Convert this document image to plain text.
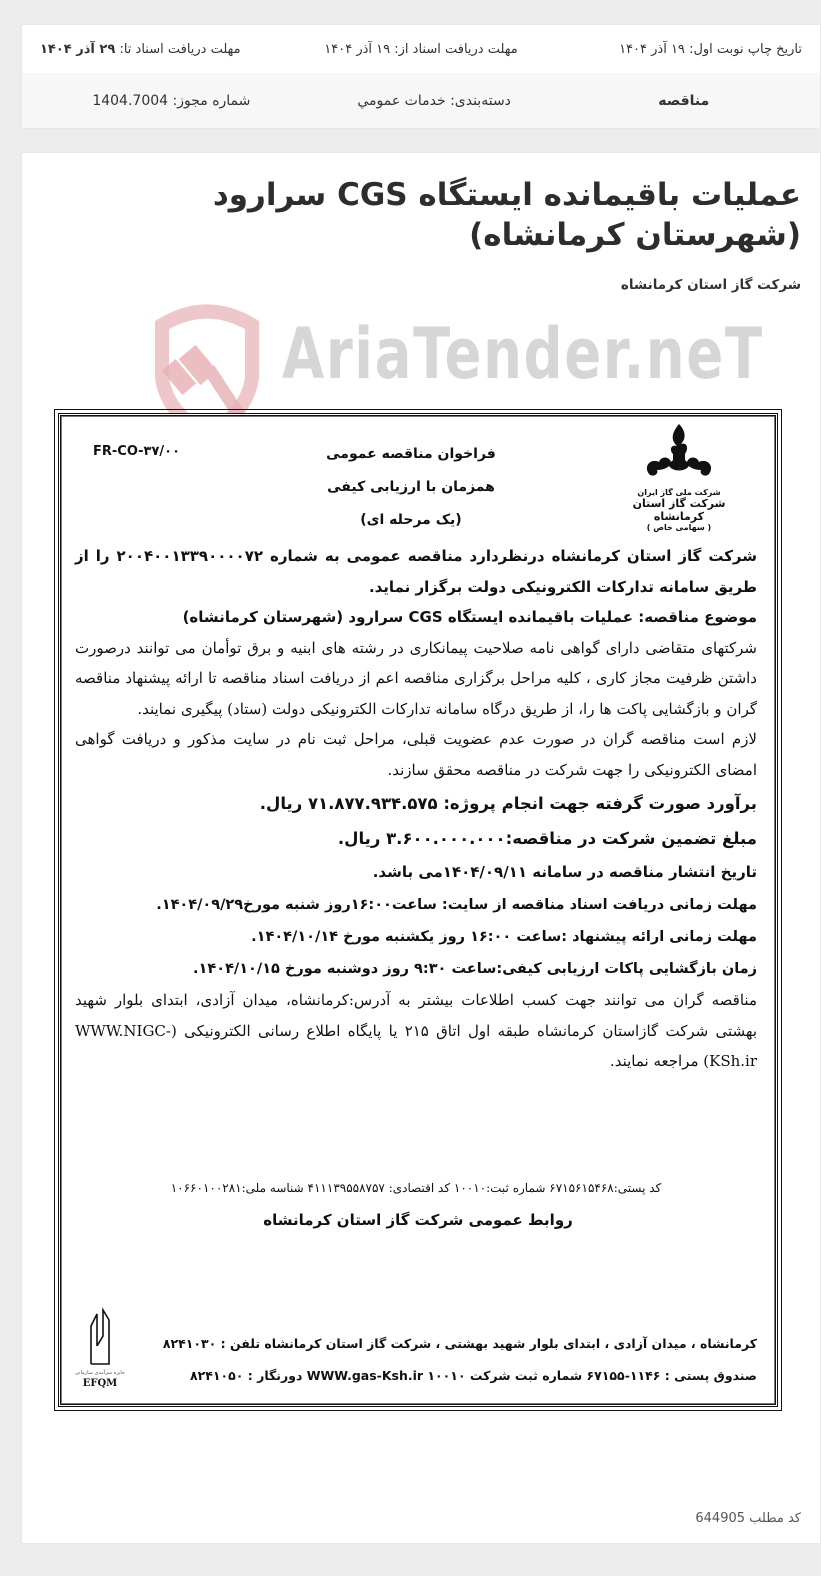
تاریخ چاپ نوبت اول: ۱۹ آذر ۱۴۰۴
مهلت دریافت اسناد از: ۱۹ آذر ۱۴۰۴
مهلت دریافت اسناد تا: ۲۹ آذر ۱۴۰۴
مناقصه
دسته‌بندی: خدمات عمومي
شماره مجوز: 1404.7004
عملیات باقیمانده ایستگاه CGS سرارود (شهرستان کرمانشاه)
شرکت گاز استان کرمانشاه
AriaTender.neT
شرکت ملی گاز ایران
شرکت گاز استان کرمانشاه
( سهامی خاص )
فراخوان مناقصه عمومی
همزمان با ارزیابی کیفی
(یک مرحله ای)
FR-CO-۳۷/۰۰

شرکت گاز استان کرمانشاه درنظردارد مناقصه عمومی به شماره ۲۰۰۴۰۰۱۳۳۹۰۰۰۰۷۲ را از طریق سامانه تدارکات الکترونیکی دولت برگزار نماید.

موضوع مناقصه: عملیات باقیمانده ایستگاه CGS سرارود (شهرستان کرمانشاه)

شرکتهای متقاضی دارای گواهی نامه صلاحیت پیمانکاری در رشته های ابنیه و برق توأمان می توانند درصورت داشتن ظرفیت مجاز کاری ، کلیه مراحل برگزاری مناقصه اعم از دریافت اسناد مناقصه تا ارائه پیشنهاد مناقصه گران و بازگشایی پاکت ها را، از طریق درگاه سامانه تدارکات الکترونیکی دولت (ستاد) پیگیری نمایند.

لازم است مناقصه گران در صورت عدم عضویت قبلی، مراحل ثبت نام در سایت مذکور و دریافت گواهی امضای الکترونیکی را جهت شرکت در مناقصه محقق سازند.

برآورد صورت گرفته جهت انجام پروژه: ۷۱.۸۷۷.۹۳۴.۵۷۵ ریال.

مبلغ تضمین شرکت در مناقصه:۳.۶۰۰.۰۰۰.۰۰۰ ریال.

تاریخ انتشار مناقصه در سامانه ۱۴۰۴/۰۹/۱۱می باشد.

مهلت زمانی دریافت اسناد مناقصه از سایت: ساعت۱۶:۰۰روز شنبه مورخ۱۴۰۴/۰۹/۲۹.

مهلت زمانی ارائه پیشنهاد :ساعت ۱۶:۰۰ روز یکشنبه مورخ ۱۴۰۴/۱۰/۱۴.

زمان بازگشایی پاکات ارزیابی کیفی:ساعت ۹:۳۰ روز دوشنبه مورخ ۱۴۰۴/۱۰/۱۵.

مناقصه گران می توانند جهت کسب اطلاعات بیشتر به آدرس:کرمانشاه، میدان آزادی، ابتدای بلوار شهید بهشتی شرکت گازاستان کرمانشاه طبقه اول اتاق ۲۱۵ یا پایگاه اطلاع رسانی الکترونیکی (WWW.NIGC-KSh.ir) مراجعه نمایند.

کد پستی:۶۷۱۵۶۱۵۴۶۸ شماره ثبت:۱۰۰۱۰ کد اقتصادی: ۴۱۱۱۳۹۵۵۸۷۵۷ شناسه ملی:۱۰۶۶۰۱۰۰۲۸۱
روابط عمومی شرکت گاز استان کرمانشاه
جایزه سرآمدی سازمانی
EFQM
کرمانشاه ، میدان آزادی ، ابتدای بلوار شهید بهشتی ، شرکت گاز استان کرمانشاه تلفن : ۸۲۴۱۰۳۰
صندوق پستی : ۱۱۴۶-۶۷۱۵۵ شماره ثبت شرکت ۱۰۰۱۰ WWW.gas-Ksh.ir دورنگار : ۸۲۴۱۰۵۰
کد مطلب 644905
